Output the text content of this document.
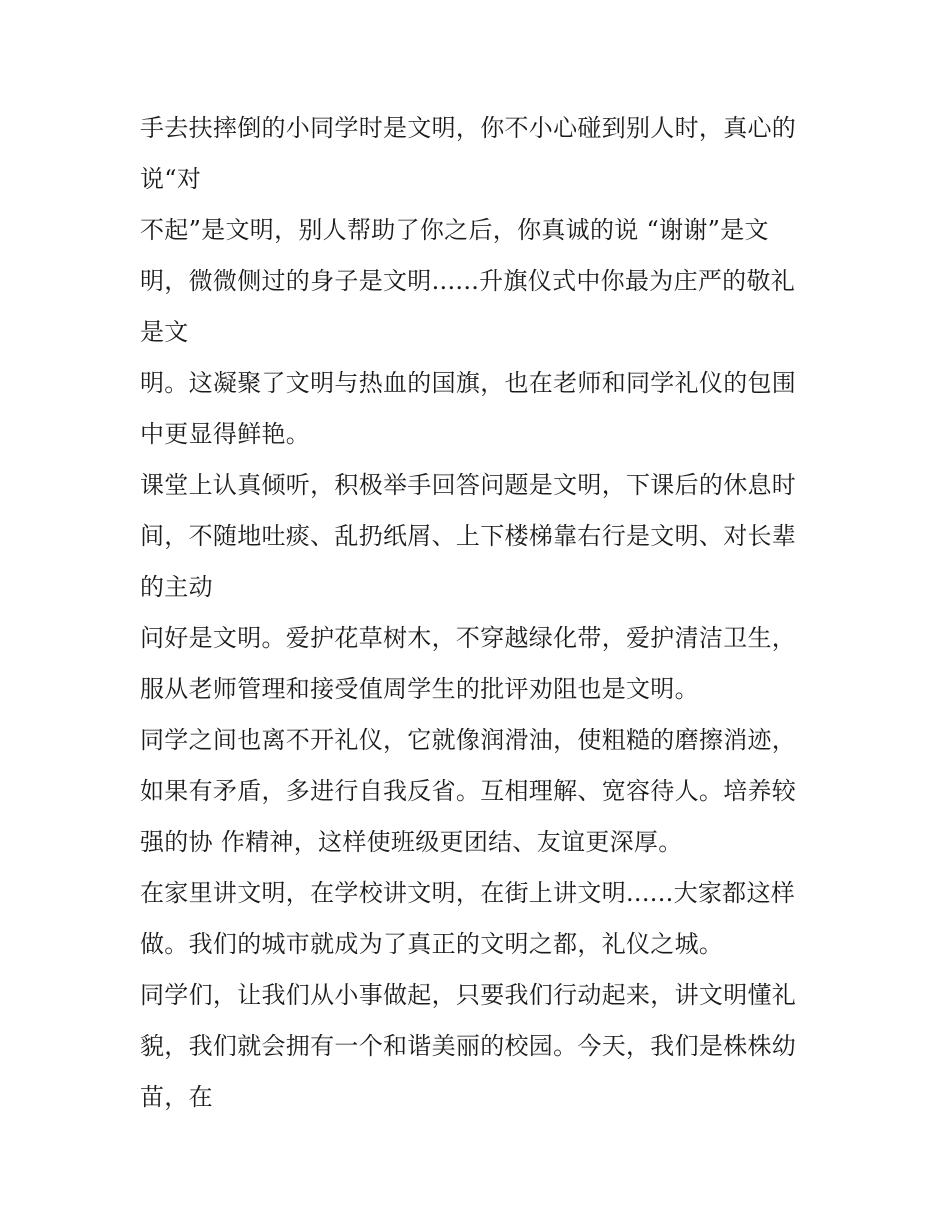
手去扶摔倒的小同学时是文明，你不小心碰到别人时，真心的
说“对
不起”是文明，别人帮助了你之后，你真诚的说 “谢谢”是文
明，微微侧过的身子是文明......升旗仪式中你最为庄严的敬礼
是文
明。这凝聚了文明与热血的国旗，也在老师和同学礼仪的包围
中更显得鲜艳。
课堂上认真倾听，积极举手回答问题是文明，下课后的休息时
间，不随地吐痰、乱扔纸屑、上下楼梯靠右行是文明、对长辈
的主动
问好是文明。爱护花草树木，不穿越绿化带，爱护清洁卫生，
服从老师管理和接受值周学生的批评劝阻也是文明。
同学之间也离不开礼仪，它就像润滑油，使粗糙的磨擦消迹，
如果有矛盾，多进行自我反省。互相理解、宽容待人。培养较
强的协 作精神，这样使班级更团结、友谊更深厚。
在家里讲文明，在学校讲文明，在街上讲文明......大家都这样
做。我们的城市就成为了真正的文明之都，礼仪之城。
同学们，让我们从小事做起，只要我们行动起来，讲文明懂礼
貌，我们就会拥有一个和谐美丽的校园。今天，我们是株株幼
苗，在
